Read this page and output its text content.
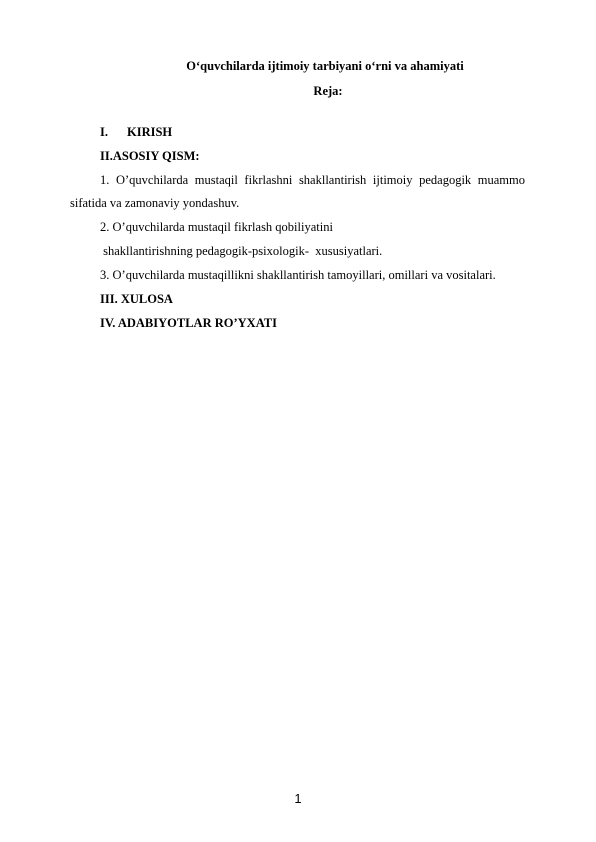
O‘quvchilarda ijtimoiy tarbiyani o‘rni va ahamiyati
Reja:
I. KIRISH
II.ASOSIY QISM:
1. O’quvchilarda mustaqil fikrlashni shakllantirish ijtimoiy pedagogik muammo
sifatida va zamonaviy yondashuv.
2. O’quvchilarda mustaqil fikrlash qobiliyatini
shakllantirishning pedagogik-psixologik-  xususiyatlari.
3. O’quvchilarda mustaqillikni shakllantirish tamoyillari, omillari va vositalari.
III. XULOSA
IV. ADABIYOTLAR RO’YXATI
1
